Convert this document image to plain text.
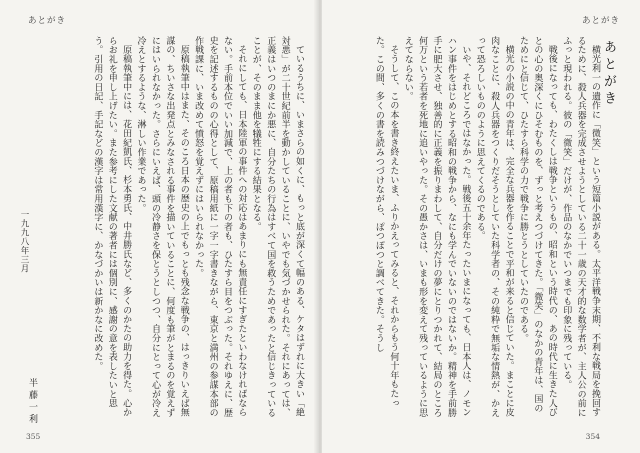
あとがき

ているうちに、いまさらの如くに、もっと底が深くて幅のある、ケタはずれに大きい「絶対悪」が二十世紀前半を動かしていることに、いやでも気づかせられた。それにあっては、正義はいつのまにか悪に、自分たちの行為はすべて国を救うためであったと信じきっていることが、そのまま他を犠牲にする結果となる。

それにしても、日本陸軍の事件への対応はあまりにも無責任にすぎたといわなければならない。手前本位でいい加減で、上の者も下の者も、ひたすら目をつぶった。それゆえに、歴史を記述するものの心得として、原稿用紙に一字一字書きながら、東京と満州の参謀本部の作戦課に、いま改めて憤怒を覚えずにはいられなかった。

原稿執筆中はまた、そのころ日本の歴史の上でもっとも残念な戦争の、はっきりいえば無謀の、ちいさな出発点とみなされる事件を描いていることに、何度も筆がとまるのを覚えずにはいられなかった。さらにいえば、頭の冷静さを保とうとしつつ、自分にとって心が冷え冷えとするような、淋しい作業であった。

原稿執筆中には、花田紀凱氏、杉本勇氏、中井勝氏など、多くのかたの助力を得た。心からお礼を申し上げたい。また参考にした文献の著者には個別に、感謝の意を表したいと思う。引用の日記、手記などの漢字は常用漢字に、かなづかいは新かなに改めた。

一九九八年三月
半藤一利
355
あとがき
あとがき

横光利一の遺作に「微笑」という短篇小説がある。太平洋戦争末期、不利な戦局を挽回するために、殺人兵器を完成させようとしている二十一歳の天才的な数学者が、主人公の前にふっと現われる。彼の「微笑」だけが、作品のなかでいつまでも印象に残っている。

戦後になっても、わたくしは戦争というもの、昭和という時代の、あの時代に生きた人びとの心の奥深くにひそむものを、ずっと考えつづけてきた。「微笑」のなかの青年は、国のためにと信じて、ひたすら科学の力で戦争に勝とうとしていたのである。

横光の小説の中の青年は、完全な兵器を作ることで平和が来ると信じていた。まことに皮肉なことに、殺人兵器をつくりだそうとしていた科学者の、その純粋で無垢な情熱が、かえって恐ろしいもののように思えてくるのである。

いや、それどころではなかった。戦後五十余年たったいまになっても、日本人は、ノモンハン事件をはじめとする昭和の戦争から、なにも学んでいないのではないか。精神を手前勝手に肥大させ、独善的に正義を振りまわして、自分だけの夢にとりつかれて、結局のところ何万という若者を死地に追いやった。その愚かさは、いまも形を変えて残っているように思えてならない。

そうして、この本を書き終えたいま、ふりかえってみると、それからもう何十年もたった。この間、多くの書を読みつづけながら、ぽつぽつと調べてきた。そうし

354
